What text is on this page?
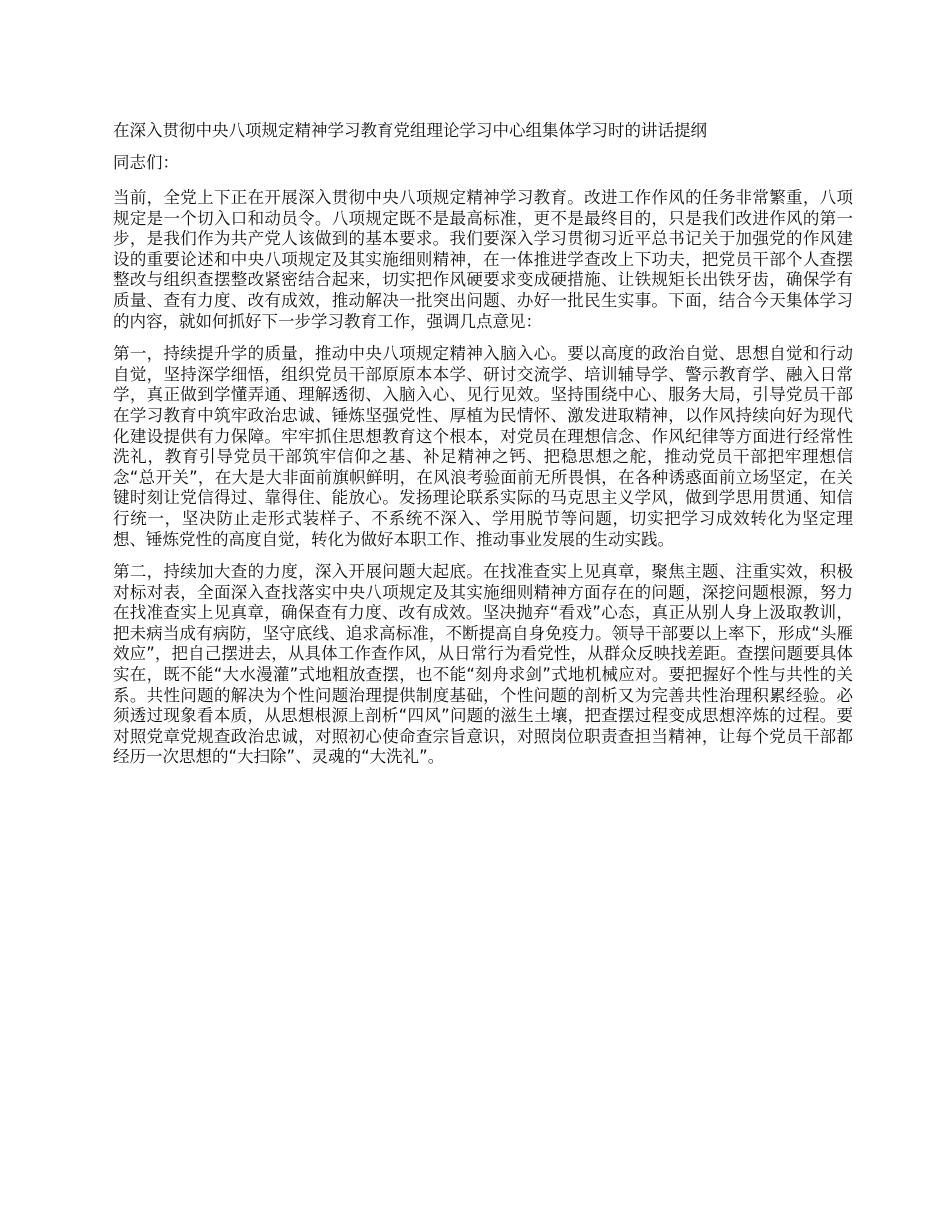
在深入贯彻中央八项规定精神学习教育党组理论学习中心组集体学习时的讲话提纲
同志们：
当前，全党上下正在开展深入贯彻中央八项规定精神学习教育。改进工作作风的任务非常繁重，八项规定是一个切入口和动员令。八项规定既不是最高标准，更不是最终目的，只是我们改进作风的第一步，是我们作为共产党人该做到的基本要求。我们要深入学习贯彻习近平总书记关于加强党的作风建设的重要论述和中央八项规定及其实施细则精神，在一体推进学查改上下功夫，把党员干部个人查摆整改与组织查摆整改紧密结合起来，切实把作风硬要求变成硬措施、让铁规矩长出铁牙齿，确保学有质量、查有力度、改有成效，推动解决一批突出问题、办好一批民生实事。下面，结合今天集体学习的内容，就如何抓好下一步学习教育工作，强调几点意见：
第一，持续提升学的质量，推动中央八项规定精神入脑入心。要以高度的政治自觉、思想自觉和行动自觉，坚持深学细悟，组织党员干部原原本本学、研讨交流学、培训辅导学、警示教育学、融入日常学，真正做到学懂弄通、理解透彻、入脑入心、见行见效。坚持围绕中心、服务大局，引导党员干部在学习教育中筑牢政治忠诚、锤炼坚强党性、厚植为民情怀、激发进取精神，以作风持续向好为现代化建设提供有力保障。牢牢抓住思想教育这个根本，对党员在理想信念、作风纪律等方面进行经常性洗礼，教育引导党员干部筑牢信仰之基、补足精神之钙、把稳思想之舵，推动党员干部把牢理想信念“总开关”，在大是大非面前旗帜鲜明，在风浪考验面前无所畏惧，在各种诱惑面前立场坚定，在关键时刻让党信得过、靠得住、能放心。发扬理论联系实际的马克思主义学风，做到学思用贯通、知信行统一，坚决防止走形式装样子、不系统不深入、学用脱节等问题，切实把学习成效转化为坚定理想、锤炼党性的高度自觉，转化为做好本职工作、推动事业发展的生动实践。
第二，持续加大查的力度，深入开展问题大起底。在找准查实上见真章，聚焦主题、注重实效，积极对标对表，全面深入查找落实中央八项规定及其实施细则精神方面存在的问题，深挖问题根源，努力在找准查实上见真章，确保查有力度、改有成效。坚决抛弃“看戏”心态，真正从别人身上汲取教训，把未病当成有病防，坚守底线、追求高标准，不断提高自身免疫力。领导干部要以上率下，形成“头雁效应”，把自己摆进去，从具体工作查作风，从日常行为看党性，从群众反映找差距。查摆问题要具体实在，既不能“大水漫灌”式地粗放查摆，也不能“刻舟求剑”式地机械应对。要把握好个性与共性的关系。共性问题的解决为个性问题治理提供制度基础，个性问题的剖析又为完善共性治理积累经验。必须透过现象看本质，从思想根源上剖析“四风”问题的滋生土壤，把查摆过程变成思想淬炼的过程。要对照党章党规查政治忠诚，对照初心使命查宗旨意识，对照岗位职责查担当精神，让每个党员干部都经历一次思想的“大扫除”、灵魂的“大洗礼”。
